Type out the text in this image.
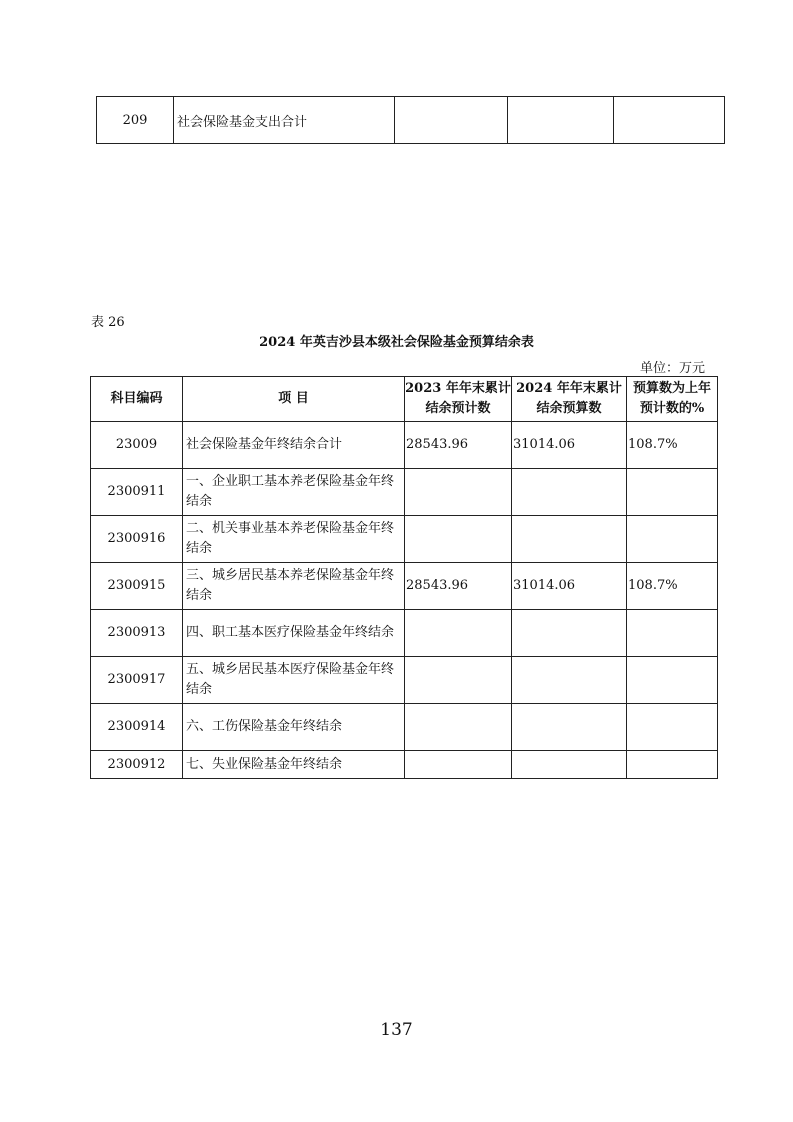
209	社会保险基金支出合计			
表 26
2024 年英吉沙县本级社会保险基金预算结余表
单位：万元
科目编码	项 目	2023 年年末累计结余预计数	2024 年年末累计结余预算数	预算数为上年预计数的%
23009	社会保险基金年终结余合计	28543.96	31014.06	108.7%
2300911	一、企业职工基本养老保险基金年终结余			
2300916	二、机关事业基本养老保险基金年终结余			
2300915	三、城乡居民基本养老保险基金年终结余	28543.96	31014.06	108.7%
2300913	四、职工基本医疗保险基金年终结余			
2300917	五、城乡居民基本医疗保险基金年终结余			
2300914	六、工伤保险基金年终结余			
2300912	七、失业保险基金年终结余			
137
